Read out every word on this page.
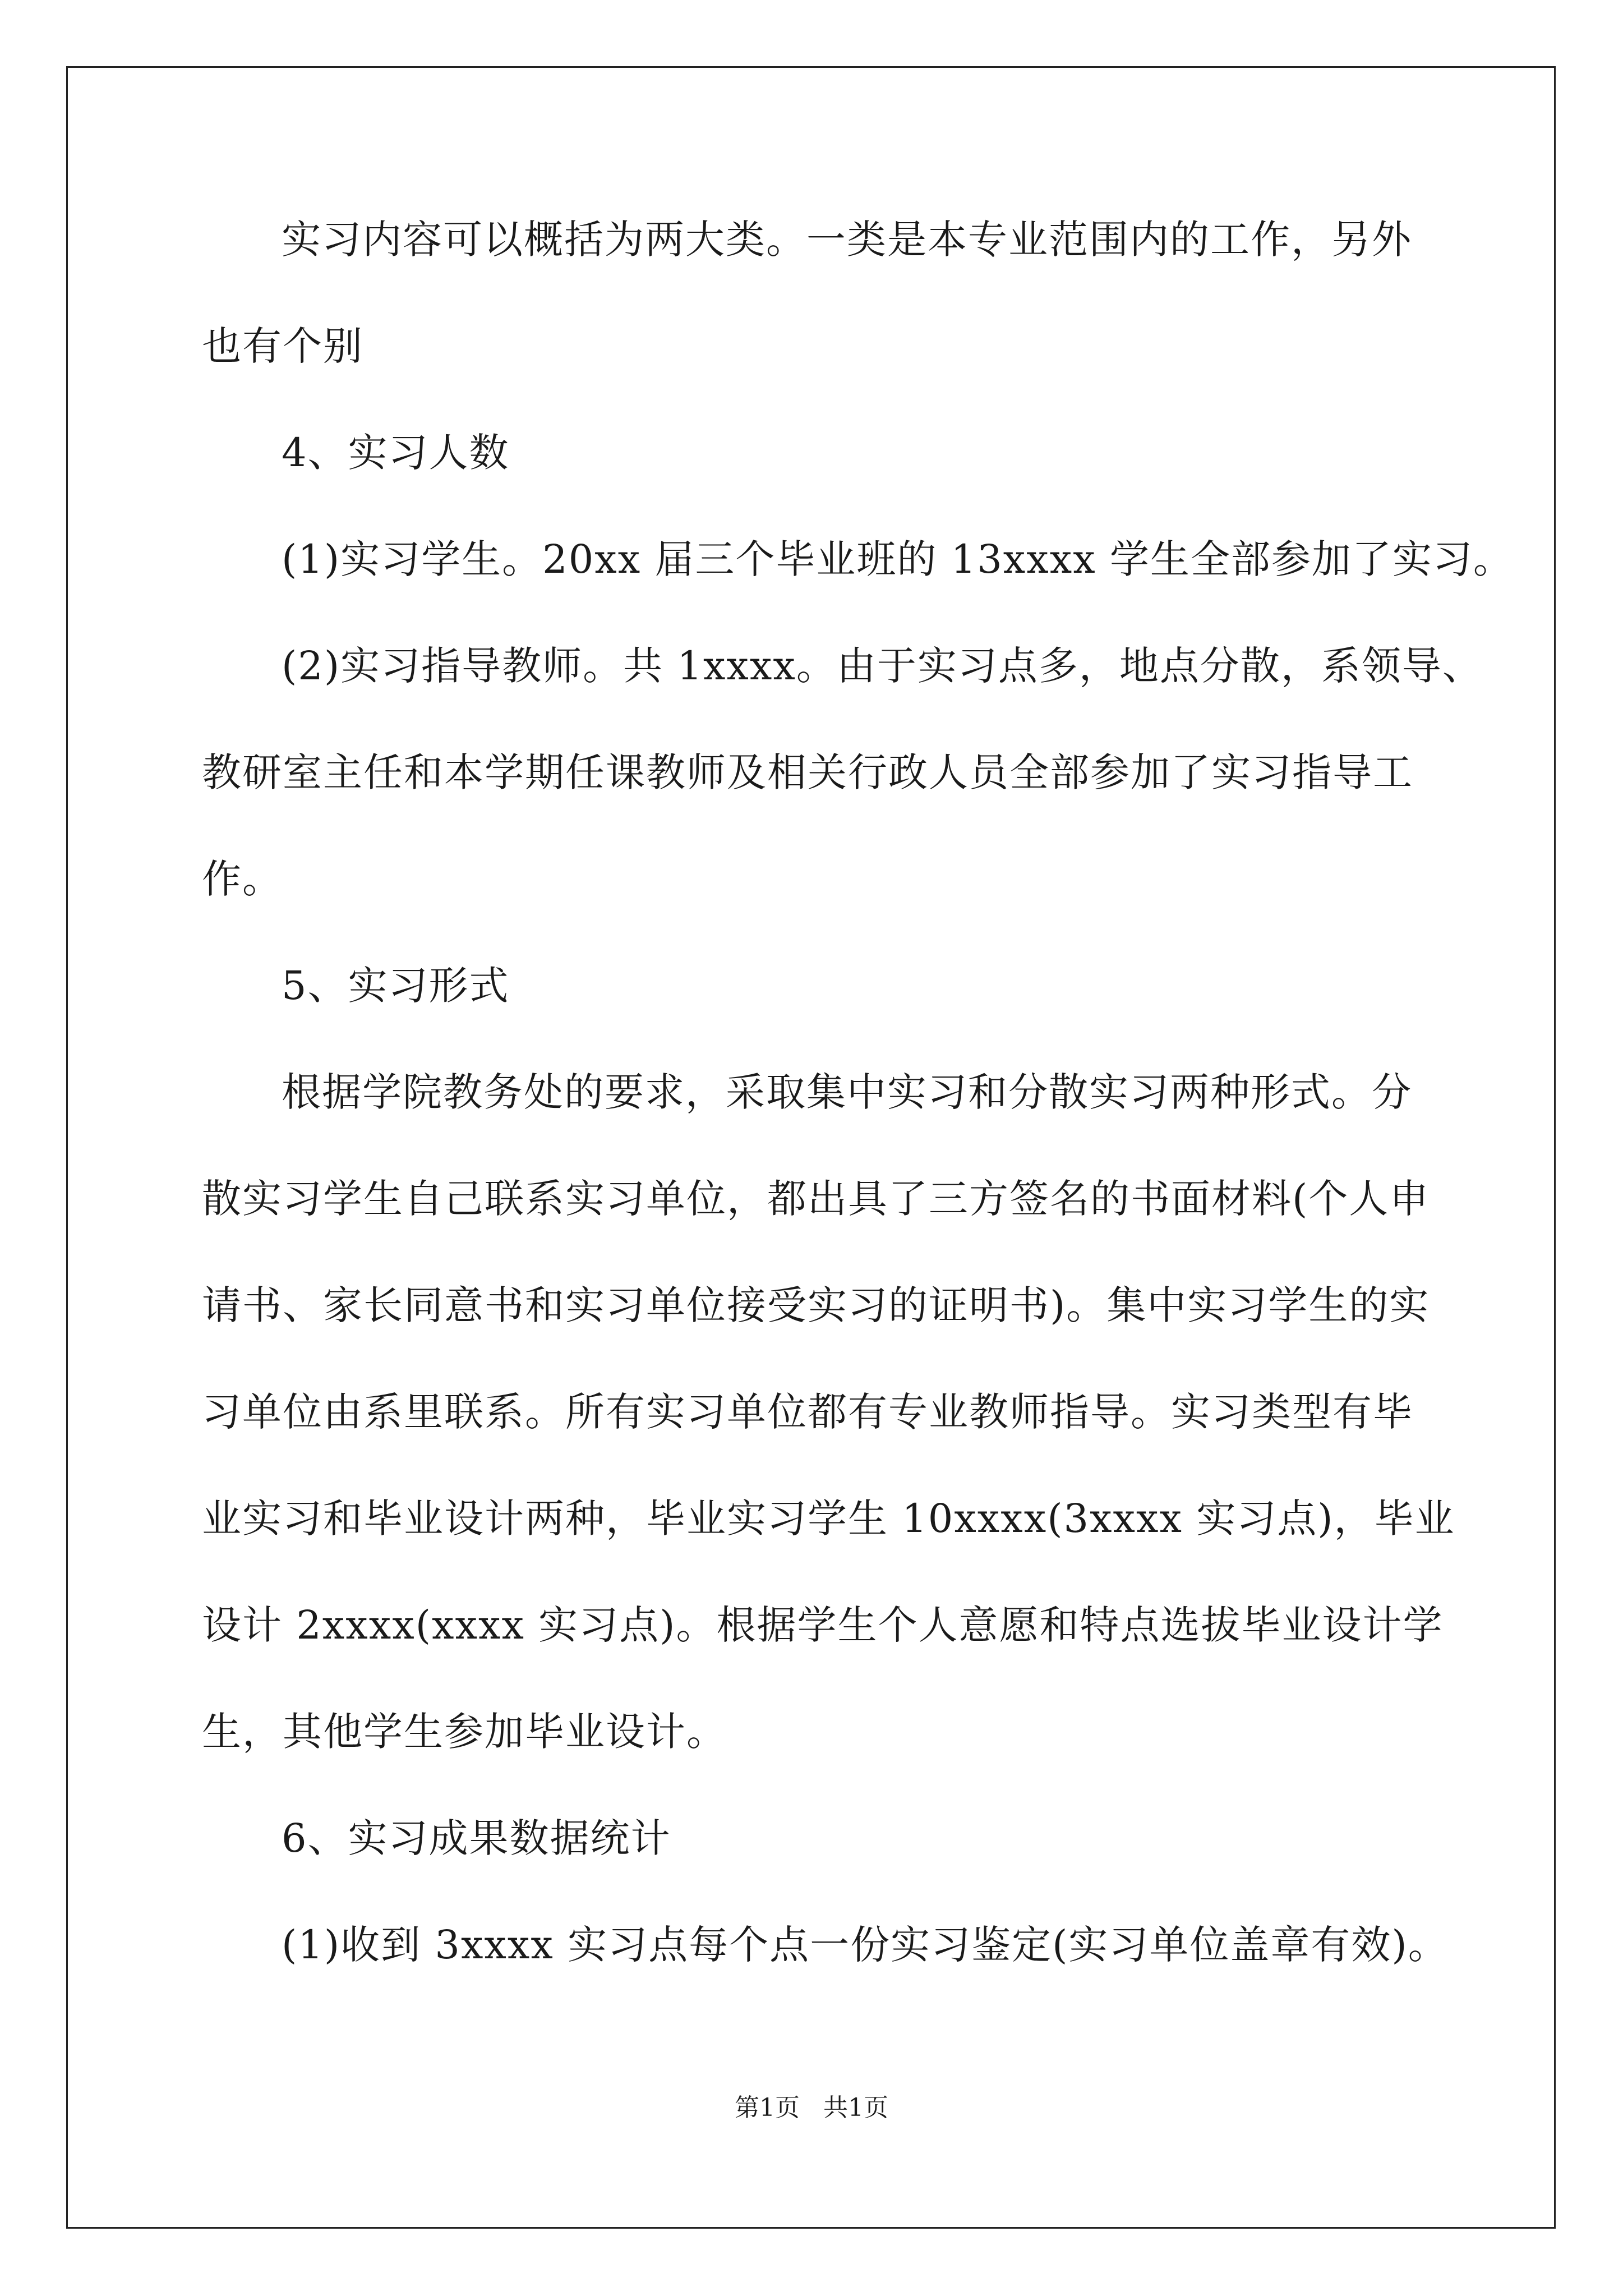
实习内容可以概括为两大类。一类是本专业范围内的工作，另外
也有个别
4、实习人数
(1)实习学生。20xx 届三个毕业班的 13xxxx 学生全部参加了实习。
(2)实习指导教师。共 1xxxx。由于实习点多，地点分散，系领导、
教研室主任和本学期任课教师及相关行政人员全部参加了实习指导工
作。
5、实习形式
根据学院教务处的要求，采取集中实习和分散实习两种形式。分
散实习学生自己联系实习单位，都出具了三方签名的书面材料(个人申
请书、家长同意书和实习单位接受实习的证明书)。集中实习学生的实
习单位由系里联系。所有实习单位都有专业教师指导。实习类型有毕
业实习和毕业设计两种，毕业实习学生 10xxxx(3xxxx 实习点)，毕业
设计 2xxxx(xxxx 实习点)。根据学生个人意愿和特点选拔毕业设计学
生，其他学生参加毕业设计。
6、实习成果数据统计
(1)收到 3xxxx 实习点每个点一份实习鉴定(实习单位盖章有效)。
第1页   共1页
